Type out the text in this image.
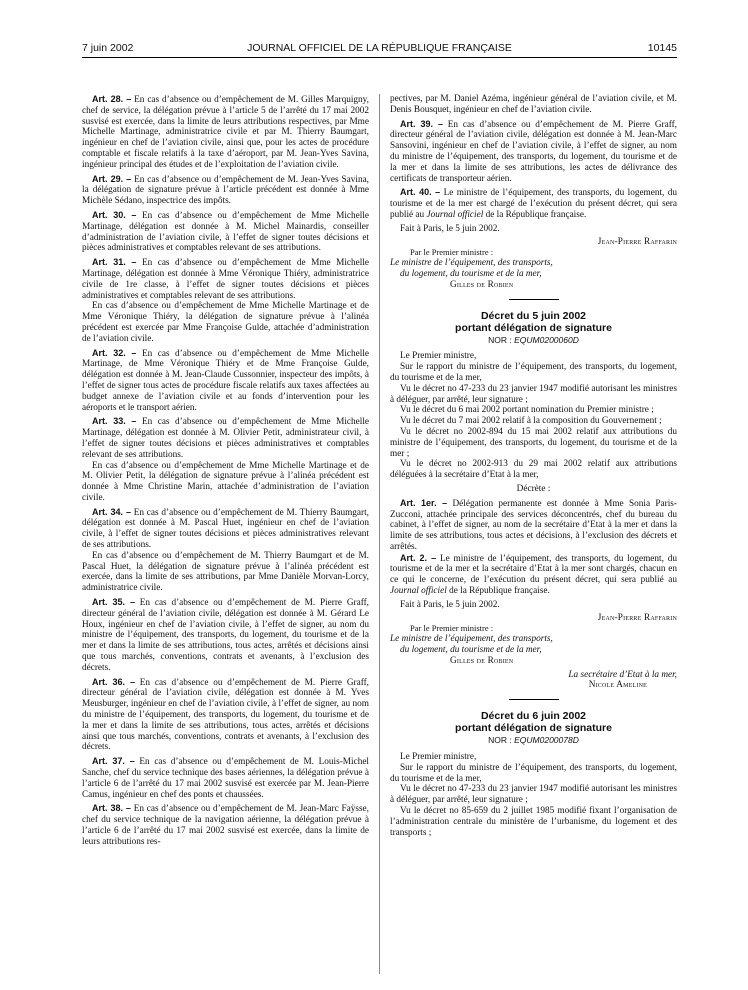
7 juin 2002	JOURNAL OFFICIEL DE LA RÉPUBLIQUE FRANÇAISE	10145

Art. 28. – En cas d’absence ou d’empêchement de M. Gilles Marquigny, chef de service, la délégation prévue à l’article 5 de l’arrêté du 17 mai 2002 susvisé est exercée, dans la limite de leurs attributions respectives, par Mme Michelle Martinage, administratrice civile et par M. Thierry Baumgart, ingénieur en chef de l’aviation civile, ainsi que, pour les actes de procédure comptable et fiscale relatifs à la taxe d’aéroport, par M. Jean-Yves Savina, ingénieur principal des études et de l’exploitation de l’aviation civile.

Art. 29. – En cas d’absence ou d’empêchement de M. Jean-Yves Savina, la délégation de signature prévue à l’article précédent est donnée à Mme Michèle Sédano, inspectrice des impôts.

Art. 30. – En cas d’absence ou d’empêchement de Mme Michelle Martinage, délégation est donnée à M. Michel Mainardis, conseiller d’administration de l’aviation civile, à l’effet de signer toutes décisions et pièces administratives et comptables relevant de ses attributions.

Art. 31. – En cas d’absence ou d’empêchement de Mme Michelle Martinage, délégation est donnée à Mme Véronique Thiéry, administratrice civile de 1re classe, à l’effet de signer toutes décisions et pièces administratives et comptables relevant de ses attributions.

En cas d’absence ou d’empêchement de Mme Michelle Martinage et de Mme Véronique Thiéry, la délégation de signature prévue à l’alinéa précédent est exercée par Mme Françoise Gulde, attachée d’administration de l’aviation civile.

Art. 32. – En cas d’absence ou d’empêchement de Mme Michelle Martinage, de Mme Véronique Thiéry et de Mme Françoise Gulde, délégation est donnée à M. Jean-Claude Cussonnier, inspecteur des impôts, à l’effet de signer tous actes de procédure fiscale relatifs aux taxes affectées au budget annexe de l’aviation civile et au fonds d’intervention pour les aéroports et le transport aérien.

Art. 33. – En cas d’absence ou d’empêchement de Mme Michelle Martinage, délégation est donnée à M. Olivier Petit, administrateur civil, à l’effet de signer toutes décisions et pièces administratives et comptables relevant de ses attributions.

En cas d’absence ou d’empêchement de Mme Michelle Martinage et de M. Olivier Petit, la délégation de signature prévue à l’alinéa précédent est donnée à Mme Christine Marin, attachée d’administration de l’aviation civile.

Art. 34. – En cas d’absence ou d’empêchement de M. Thierry Baumgart, délégation est donnée à M. Pascal Huet, ingénieur en chef de l’aviation civile, à l’effet de signer toutes décisions et pièces administratives relevant de ses attributions.

En cas d’absence ou d’empêchement de M. Thierry Baumgart et de M. Pascal Huet, la délégation de signature prévue à l’alinéa précédent est exercée, dans la limite de ses attributions, par Mme Danièle Morvan-Lorcy, administratrice civile.

Art. 35. – En cas d’absence ou d’empêchement de M. Pierre Graff, directeur général de l’aviation civile, délégation est donnée à M. Gérard Le Houx, ingénieur en chef de l’aviation civile, à l’effet de signer, au nom du ministre de l’équipement, des transports, du logement, du tourisme et de la mer et dans la limite de ses attributions, tous actes, arrêtés et décisions ainsi que tous marchés, conventions, contrats et avenants, à l’exclusion des décrets.

Art. 36. – En cas d’absence ou d’empêchement de M. Pierre Graff, directeur général de l’aviation civile, délégation est donnée à M. Yves Meusburger, ingénieur en chef de l’aviation civile, à l’effet de signer, au nom du ministre de l’équipement, des transports, du logement, du tourisme et de la mer et dans la limite de ses attributions, tous actes, arrêtés et décisions ainsi que tous marchés, conventions, contrats et avenants, à l’exclusion des décrets.

Art. 37. – En cas d’absence ou d’empêchement de M. Louis-Michel Sanche, chef du service technique des bases aériennes, la délégation prévue à l’article 6 de l’arrêté du 17 mai 2002 susvisé est exercée par M. Jean-Pierre Camus, ingénieur en chef des ponts et chaussées.

Art. 38. – En cas d’absence ou d’empêchement de M. Jean-Marc Faÿsse, chef du service technique de la navigation aérienne, la délégation prévue à l’article 6 de l’arrêté du 17 mai 2002 susvisé est exercée, dans la limite de leurs attributions res-

pectives, par M. Daniel Azéma, ingénieur général de l’aviation civile, et M. Denis Bousquet, ingénieur en chef de l’aviation civile.

Art. 39. – En cas d’absence ou d’empêchement de M. Pierre Graff, directeur général de l’aviation civile, délégation est donnée à M. Jean-Marc Sansovini, ingénieur en chef de l’aviation civile, à l’effet de signer, au nom du ministre de l’équipement, des transports, du logement, du tourisme et de la mer et dans la limite de ses attributions, les actes de délivrance des certificats de transporteur aérien.

Art. 40. – Le ministre de l’équipement, des transports, du logement, du tourisme et de la mer est chargé de l’exécution du présent décret, qui sera publié au Journal officiel de la République française.

Fait à Paris, le 5 juin 2002.

Jean-Pierre Raffarin

Par le Premier ministre :

Le ministre de l’équipement, des transports,

du logement, du tourisme et de la mer,

Gilles de Robien

Décret du 5 juin 2002
portant délégation de signature
NOR : EQUM0200060D

Le Premier ministre,

Sur le rapport du ministre de l’équipement, des transports, du logement, du tourisme et de la mer,

Vu le décret no 47-233 du 23 janvier 1947 modifié autorisant les ministres à déléguer, par arrêté, leur signature ;

Vu le décret du 6 mai 2002 portant nomination du Premier ministre ;

Vu le décret du 7 mai 2002 relatif à la composition du Gouvernement ;

Vu le décret no 2002-894 du 15 mai 2002 relatif aux attributions du ministre de l’équipement, des transports, du logement, du tourisme et de la mer ;

Vu le décret no 2002-913 du 29 mai 2002 relatif aux attributions déléguées à la secrétaire d’Etat à la mer,

Décrète :

Art. 1er. – Délégation permanente est donnée à Mme Sonia Paris-Zucconi, attachée principale des services déconcentrés, chef du bureau du cabinet, à l’effet de signer, au nom de la secrétaire d’Etat à la mer et dans la limite de ses attributions, tous actes et décisions, à l’exclusion des décrets et arrêtés.

Art. 2. – Le ministre de l’équipement, des transports, du logement, du tourisme et de la mer et la secrétaire d’Etat à la mer sont chargés, chacun en ce qui le concerne, de l’exécution du présent décret, qui sera publié au Journal officiel de la République française.

Fait à Paris, le 5 juin 2002.

Jean-Pierre Raffarin

Par le Premier ministre :

Le ministre de l’équipement, des transports,

du logement, du tourisme et de la mer,

Gilles de Robien

La secrétaire d’Etat à la mer,

Nicole Ameline

Décret du 6 juin 2002
portant délégation de signature
NOR : EQUM0200078D

Le Premier ministre,

Sur le rapport du ministre de l’équipement, des transports, du logement, du tourisme et de la mer,

Vu le décret no 47-233 du 23 janvier 1947 modifié autorisant les ministres à déléguer, par arrêté, leur signature ;

Vu le décret no 85-659 du 2 juillet 1985 modifié fixant l’organisation de l’administration centrale du ministère de l’urbanisme, du logement et des transports ;
